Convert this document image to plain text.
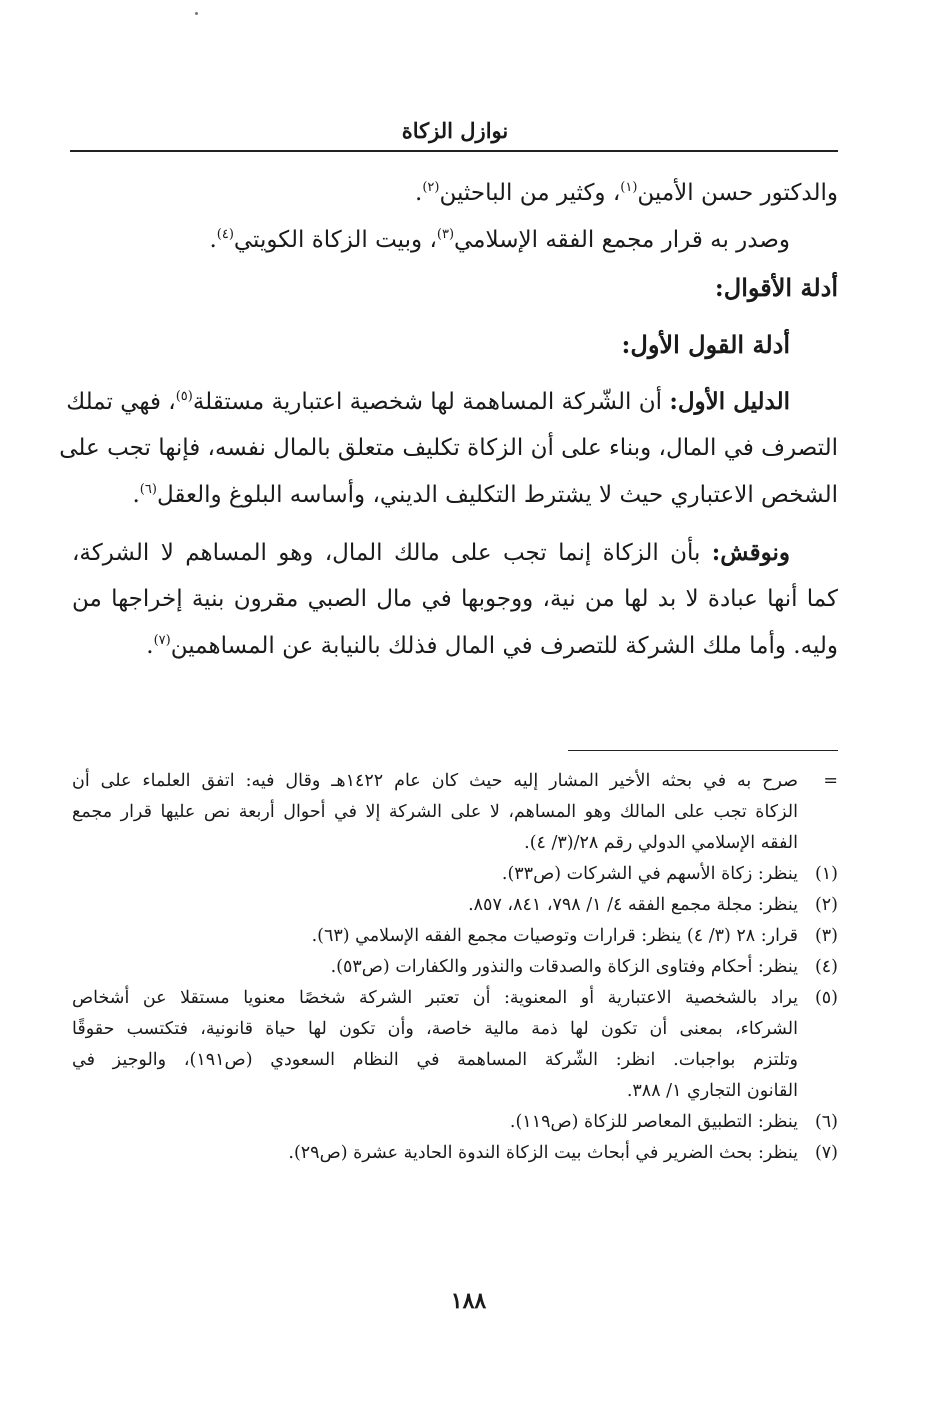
نوازل الزكاة
والدكتور حسن الأمين$^{(١)}$، وكثير من الباحثين$^{(٢)}$.
وصدر به قرار مجمع الفقه الإسلامي$^{(٣)}$، وبيت الزكاة الكويتي$^{(٤)}$.
أدلة الأقوال:
أدلة القول الأول:
الدليل الأول: أن الشّركة المساهمة لها شخصية اعتبارية مستقلة$^{(٥)}$، فهي تملك
التصرف في المال، وبناء على أن الزكاة تكليف متعلق بالمال نفسه، فإنها تجب على
الشخص الاعتباري حيث لا يشترط التكليف الديني، وأساسه البلوغ والعقل$^{(٦)}$.
ونوقش: بأن الزكاة إنما تجب على مالك المال، وهو المساهم لا الشركة،
كما أنها عبادة لا بد لها من نية، ووجوبها في مال الصبي مقرون بنية إخراجها من
وليه. وأما ملك الشركة للتصرف في المال فذلك بالنيابة عن المساهمين$^{(٧)}$.
=
صرح به في بحثه الأخير المشار إليه حيث كان عام ١٤٢٢هـ وقال فيه: اتفق العلماء على أن
الزكاة تجب على المالك وهو المساهم، لا على الشركة إلا في أحوال أربعة نص عليها قرار مجمع
الفقه الإسلامي الدولي رقم ٢٨/(٣/ ٤).
(١)
ينظر: زكاة الأسهم في الشركات (ص٣٣).
(٢)
ينظر: مجلة مجمع الفقه ٤/ ١/ ٧٩٨، ٨٤١، ٨٥٧.
(٣)
قرار: ٢٨ (٣/ ٤) ينظر: قرارات وتوصيات مجمع الفقه الإسلامي (٦٣).
(٤)
ينظر: أحكام وفتاوى الزكاة والصدقات والنذور والكفارات (ص٥٣).
(٥)
يراد بالشخصية الاعتبارية أو المعنوية: أن تعتبر الشركة شخصًا معنويا مستقلا عن أشخاص
الشركاء، بمعنى أن تكون لها ذمة مالية خاصة، وأن تكون لها حياة قانونية، فتكتسب حقوقًا
وتلتزم بواجبات. انظر: الشّركة المساهمة في النظام السعودي (ص١٩١)، والوجيز في
القانون التجاري ١/ ٣٨٨.
(٦)
ينظر: التطبيق المعاصر للزكاة (ص١١٩).
(٧)
ينظر: بحث الضرير في أبحاث بيت الزكاة الندوة الحادية عشرة (ص٢٩).
١٨٨
